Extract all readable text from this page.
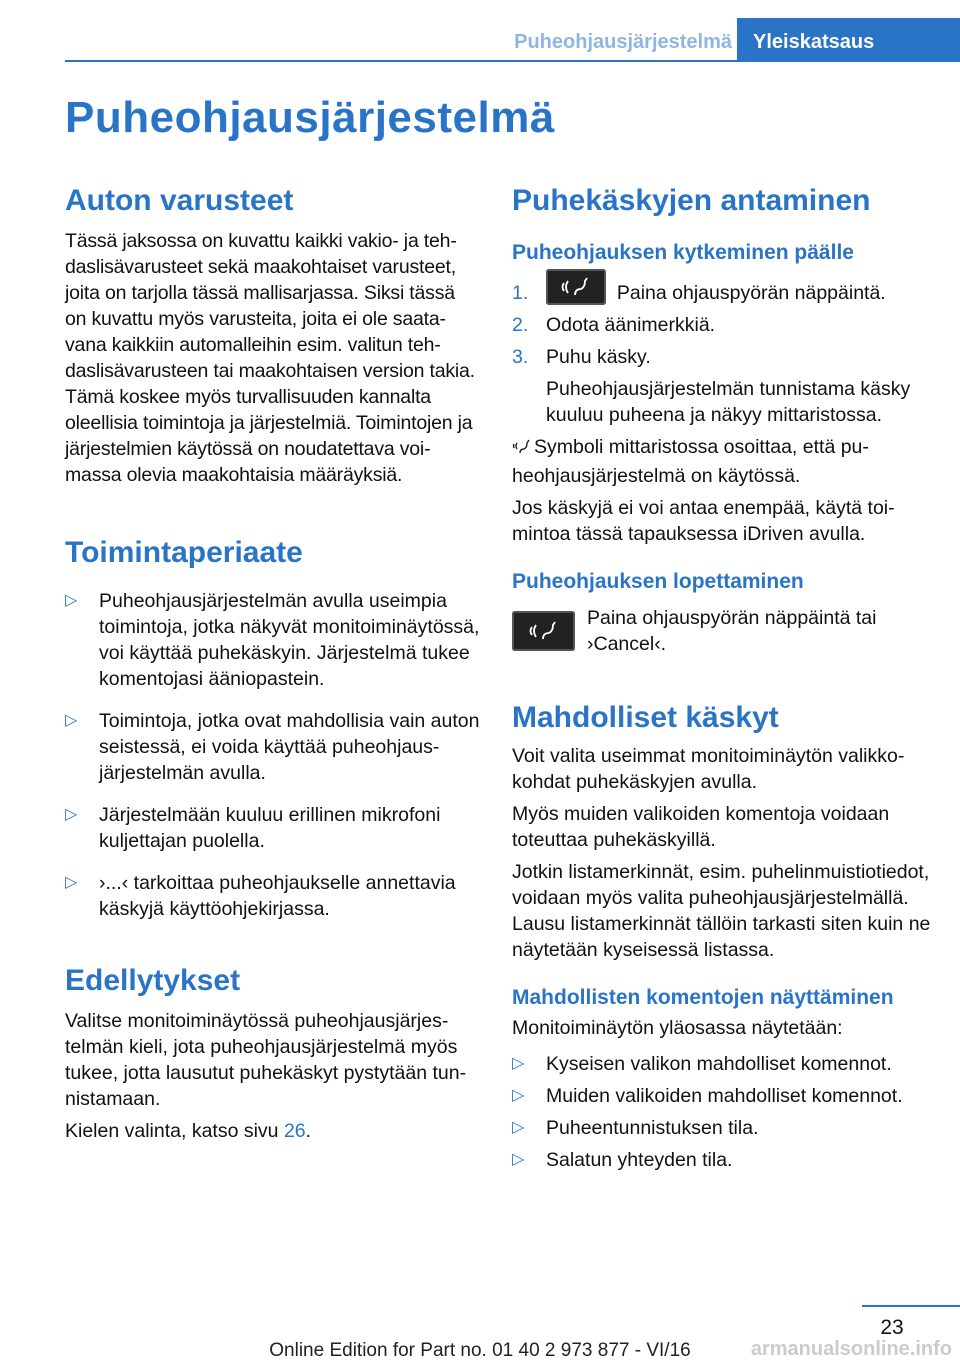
Puheohjausjärjestelmä	Yleiskatsaus
Puheohjausjärjestelmä
Auton varusteet

Tässä jaksossa on kuvattu kaikki vakio- ja tehdaslisävarusteet sekä maakohtaiset varusteet, joita on tarjolla tässä mallisarjassa. Siksi tässä on kuvattu myös varusteita, joita ei ole saatavana kaikkiin automalleihin esim. valitun tehdaslisävarusteen tai maakohtaisen version takia. Tämä koskee myös turvallisuuden kannalta oleellisia toimintoja ja järjestelmiä. Toimintojen ja järjestelmien käytössä on noudatettava voimassa olevia maakohtaisia määräyksiä.

Toimintaperiaate
▷ Puheohjausjärjestelmän avulla useimpia toimintoja, jotka näkyvät monitoiminäytössä, voi käyttää puhekäskyin. Järjestelmä tukee komentojasi ääniopastein.
▷ Toimintoja, jotka ovat mahdollisia vain auton seistessä, ei voida käyttää puheohjausjärjestelmän avulla.
▷ Järjestelmään kuuluu erillinen mikrofoni kuljettajan puolella.
▷ ›...‹ tarkoittaa puheohjaukselle annettavia käskyjä käyttöohjekirjassa.
Edellytykset

Valitse monitoiminäytössä puheohjausjärjestelmän kieli, jota puheohjausjärjestelmä myös tukee, jotta lausutut puhekäskyt pystytään tunnistamaan.

Kielen valinta, katso sivu 26.

Puhekäskyjen antaminen
Puheohjauksen kytkeminen päälle
1.	Paina ohjauspyörän näppäintä.
2. Odota äänimerkkiä.
3. Puhu käsky.
Puheohjausjärjestelmän tunnistama käsky kuuluu puheena ja näkyy mittaristossa.

Symboli mittaristossa osoittaa, että puheohjausjärjestelmä on käytössä.

Jos käskyjä ei voi antaa enempää, käytä toimintoa tässä tapauksessa iDriven avulla.

Puheohjauksen lopettaminen

Paina ohjauspyörän näppäintä tai ›Cancel‹.

Mahdolliset käskyt

Voit valita useimmat monitoiminäytön valikkokohdat puhekäskyjen avulla.

Myös muiden valikoiden komentoja voidaan toteuttaa puhekäskyillä.

Jotkin listamerkinnät, esim. puhelinmuistiotiedot, voidaan myös valita puheohjausjärjestelmällä. Lausu listamerkinnät tällöin tarkasti siten kuin ne näytetään kyseisessä listassa.

Mahdollisten komentojen näyttäminen

Monitoiminäytön yläosassa näytetään:

▷ Kyseisen valikon mahdolliset komennot.
▷ Muiden valikoiden mahdolliset komennot.
▷ Puheentunnistuksen tila.
▷ Salatun yhteyden tila.
23
Online Edition for Part no. 01 40 2 973 877 - VI/16	armanualsonline.info
